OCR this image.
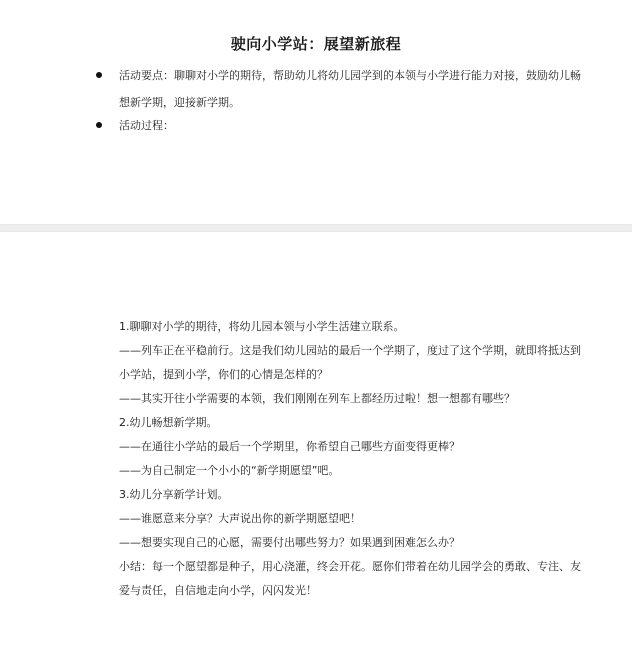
驶向小学站：展望新旅程
活动要点：聊聊对小学的期待，帮助幼儿将幼儿园学到的本领与小学进行能力对接，鼓励幼儿畅想新学期，迎接新学期。
活动过程：
1.聊聊对小学的期待，将幼儿园本领与小学生活建立联系。
——列车正在平稳前行。这是我们幼儿园站的最后一个学期了，度过了这个学期，就即将抵达到小学站，提到小学，你们的心情是怎样的？
——其实开往小学需要的本领，我们刚刚在列车上都经历过啦！想一想都有哪些？
2.幼儿畅想新学期。
——在通往小学站的最后一个学期里，你希望自己哪些方面变得更棒？
——为自己制定一个小小的“新学期愿望”吧。
3.幼儿分享新学计划。
——谁愿意来分享？大声说出你的新学期愿望吧！
——想要实现自己的心愿，需要付出哪些努力？如果遇到困难怎么办？
小结：每一个愿望都是种子，用心浇灌，终会开花。愿你们带着在幼儿园学会的勇敢、专注、友爱与责任，自信地走向小学，闪闪发光！
